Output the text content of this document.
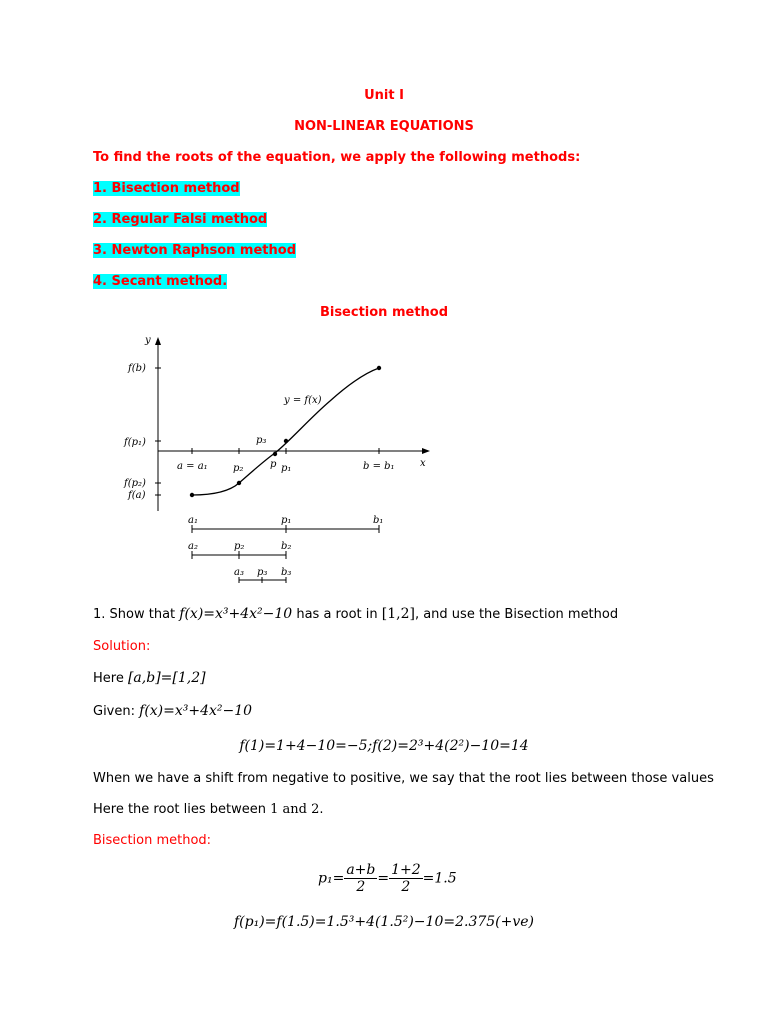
Unit I
NON-LINEAR EQUATIONS
To find the roots of the equation, we apply the following methods:
1. Bisection method
2. Regular Falsi method
3. Newton Raphson method
4. Secant method.
Bisection method
y
x
f(b)
f(p₁)
f(p₂)
f(a)
a = a₁	p₂	p p₁	b = b₁
p₃
y = f(x)
a₁	p₁	b₁
a₂	p₂	b₂
a₃ p₃ b₃
1. Show that f(x)=x³+4x²−10 has a root in [1,2], and use the Bisection method
Solution:
Here [a,b]=[1,2]
Given: f(x)=x³+4x²−10
f(1)=1+4−10=−5;f(2)=2³+4(2²)−10=14
When we have a shift from negative to positive, we say that the root lies between those values
Here the root lies between 1 and 2.
Bisection method:
$p_1= \frac{a+b}{2} = \frac{1+2}{2} =1.5$
f(p₁)=f(1.5)=1.5³+4(1.5²)−10=2.375(+ve)
